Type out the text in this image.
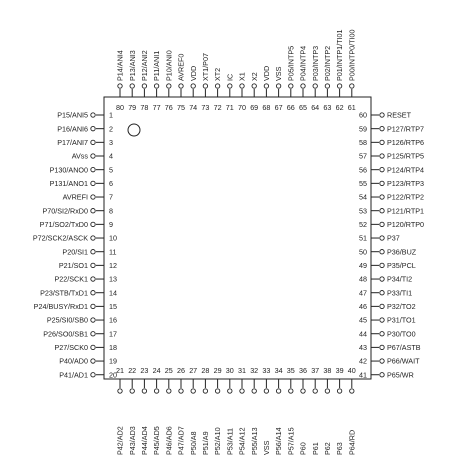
P15/ANI5	1
P16/ANI6	2
P17/ANI7	3
AVss	4
P130/ANO0	5
P131/ANO1	6
AVREFI	7
P70/SI2/RxD0	8
P71/SO2/TxD0	9
P72/SCK2/ASCK	10
P20/SI1	11
P21/SO1	12
P22/SCK1	13
P23/STB/TxD1	14
P24/BUSY/RxD1	15
P25/SI0/SB0	16
P26/SO0/SB1	17
P27/SCK0	18
P40/AD0	19
P41/AD1	20
RESET
60
P127/RTP7
59
P126/RTP6
58
P125/RTP5
57
P124/RTP4
56
P123/RTP3
55
P122/RTP2
54
P121/RTP1
53
P120/RTP0
52
P37
51
P36/BUZ
50
P35/PCL
49
P34/TI2
48
P33/TI1
47
P32/TO2
46
P31/TO1
45
P30/TO0
44
P67/ASTB
43
P66/WAIT
42
P65/WR
41
P14/ANI4
80
P13/ANI3
79
P12/ANI2
78
P11/ANI1
77
P10/ANI0
76
AVREF0
75
VDD
74
XT1/P07
73
XT2
72
IC
71
X1
70
X2
69
VDD
68
VSS
67
P05/INTP5
66
P04/INTP4
65
P03/INTP3
64
P02/INTP2
63
P01/INTP1/TI01
62
P00/INTP0/TI00
61
P42/AD2
21
P43/AD3
22
P44/AD4
23
P45/AD5
24
P46/AD6
25
P47/AD7
26
P50/A8
27
P51/A9
28
P52/A10
29
P53/A11
30
P54/A12
31
P55/A13
32
VSS
33
P56/A14
34
P57/A15
35
P60
36
P61
37
P62
38
P63
39
P64/RD
40
